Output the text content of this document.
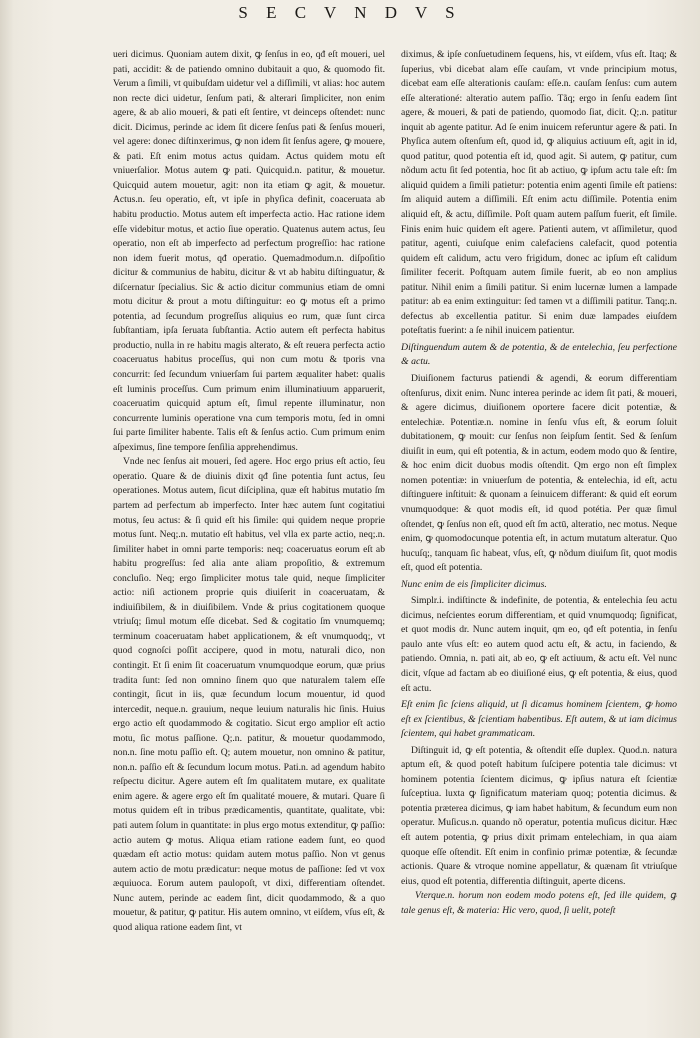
S E C V N D V S

ueri dicimus. Quoniam autem dixit, ꝙ ſenſus in eo, qđ eſt moueri, uel pati, accidit: & de patiendo omnino dubitauit a quo, & quomodo fit. Verum a ſimili, vt quibuſdam uidetur vel a diſſimili, vt alias: hoc autem non recte dici uidetur, ſenſum pati, & alterari ſimpliciter, non enim agere, & ab alio moueri, & pati eſt ſentire, vt deinceps oſtendet: nunc dicit. Dicimus, perinde ac idem ſit dicere ſenſus pati & ſenſus moueri, vel agere: donec diſtinxerimus, ꝙ non idem ſit ſenſus agere, ꝙ mouere, & pati. Eſt enim motus actus quidam. Actus quidem motu eſt vniuerſalior. Motus autem ꝙ pati. Quicquid.n. patitur, & mouetur. Quicquid autem mouetur, agit: non ita etiam ꝙ agit, & mouetur. Actus.n. ſeu operatio, eſt, vt ipſe in phyſica definit, coaceruata ab habitu productio. Motus autem eſt imperfecta actio. Hac ratione idem eſſe videbitur motus, et actio ſiue operatio. Quatenus autem actus, ſeu operatio, non eſt ab imperfecto ad perfectum progreſſio: hac ratione non idem fuerit motus, qđ operatio. Quemadmodum.n. diſpoſitio dicitur & communius de habitu, dicitur & vt ab habitu diſtinguatur, & diſcernatur ſpecialius. Sic & actio dicitur communius etiam de omni motu dicitur & prout a motu diſtinguitur: eo ꝙ motus eſt a primo potentia, ad ſecundum progreſſus aliquius eo rum, quæ ſunt circa ſubſtantiam, ipſa ſeruata ſubſtantia. Actio autem eſt perfecta habitus productio, nulla in re habitu magis alterato, & eſt reuera perfecta actio coaceruatus habitus proceſſus, qui non cum motu & tporis vna concurrit: ſed ſecundum vniuerſam ſui partem æqualiter habet: qualis eſt luminis proceſſus. Cum primum enim illuminatiuum apparuerit, coaceruatim quicquid aptum eſt, ſimul repente illuminatur, non concurrente luminis operatione vna cum temporis motu, ſed in omni ſui parte ſimiliter habente. Talis eſt & ſenſus actio. Cum primum enim aſpeximus, ſine tempore ſenſilia apprehendimus.

Vnde nec ſenſus ait moueri, ſed agere. Hoc ergo prius eſt actio, ſeu operatio. Quare & de diuinis dixit qđ ſine potentia ſunt actus, ſeu operationes. Motus autem, ſicut diſciplina, quæ eſt habitus mutatio ſm partem ad perfectum ab imperfecto. Inter hæc autem ſunt cogitatiui motus, ſeu actus: & ſi quid eſt his ſimile: qui quidem neque proprie motus ſunt. Neq;.n. mutatio eſt habitus, vel vlla ex parte actio, neq;.n. ſimiliter habet in omni parte temporis: neq; coaceruatus eorum eſt ab habitu progreſſus: ſed alia ante aliam propoſitio, & extremum concluſio. Neq; ergo ſimpliciter motus tale quid, neque ſimpliciter actio: niſi actionem proprie quis diuiſerit in coaceruatam, & indiuiſibilem, & in diuiſibilem. Vnde & prius cogitationem quoque vtriuſq; ſimul motum eſſe dicebat. Sed & cogitatio ſm vnumquemq; terminum coaceruatam habet applicationem, & eſt vnumquodq;, vt quod cognoſci poſſit accipere, quod in motu, naturali dico, non contingit. Et ſi enim ſit coaceruatum vnumquodque eorum, quæ prius tradita ſunt: ſed non omnino ſinem quo que naturalem talem eſſe contingit, ſicut in iis, quæ ſecundum locum mouentur, id quod intercedit, neque.n. grauium, neque leuium naturalis hic ſinis. Huius ergo actio eſt quodammodo & cogitatio. Sicut ergo amplior eſt actio motu, ſic motus paſſione. Q;.n. patitur, & mouetur quodammodo, non.n. ſine motu paſſio eſt. Q; autem mouetur, non omnino & patitur, non.n. paſſio eſt & ſecundum locum motus. Pati.n. ad agendum habito reſpectu dicitur. Agere autem eſt ſm qualitatem mutare, ex qualitate enim agere. & agere ergo eſt ſm qualitaté mouere, & mutari. Quare ſi motus quidem eſt in tribus prædicamentis, quantitate, qualitate, vbi: pati autem ſolum in quantitate: in plus ergo motus extenditur, ꝙ paſſio: actio autem ꝙ motus. Aliqua etiam ratione eadem ſunt, eo quod quædam eſt actio motus: quidam autem motus paſſio. Non vt genus autem actio de motu prædicatur: neque motus de paſſione: ſed vt vox æquiuoca. Eorum autem paulopoſt, vt dixi, differentiam oſtendet. Nunc autem, perinde ac eadem ſint, dicit quodammodo, & a quo mouetur, & patitur, ꝙ patitur. His autem omnino, vt eiſdem, vſus eſt, & quod aliqua ratione eadem ſint, vt

diximus, & ipſe conſuetudinem ſequens, his, vt eiſdem, vſus eſt. Itaq; & ſuperius, vbi dicebat alam eſſe cauſam, vt vnde principium motus, dicebat eam eſſe alterationis cauſam: eſſe.n. cauſam ſenſus: cum autem eſſe alterationé: alteratio autem paſſio. Tãq; ergo in ſenſu eadem ſint agere, & moueri, & pati de patiendo, quomodo ſiat, dicit. Q;.n. patitur inquit ab agente patitur. Ad ſe enim inuicem referuntur agere & pati. In Phyſica autem oſtenſum eſt, quod id, ꝙ aliquius actiuum eſt, agit in id, quod patitur, quod potentia eſt id, quod agit. Si autem, ꝙ patitur, cum nõdum actu ſit ſed potentia, hoc ſit ab actiuo, ꝙ ipſum actu tale eſt: ſm aliquid quidem a ſimili patietur: potentia enim agenti ſimile eſt patiens: ſm aliquid autem a diſſimili. Eſt enim actu diſſimile. Potentia enim aliquid eſt, & actu, diſſimile. Poſt quam autem paſſum fuerit, eſt ſimile. Finis enim huic quidem eſt agere. Patienti autem, vt aſſimiletur, quod patitur, agenti, cuiuſque enim calefaciens calefacit, quod potentia quidem eſt calidum, actu vero frigidum, donec ac ipſum eſt calidum ſimiliter fecerit. Poſtquam autem ſimile fuerit, ab eo non amplius patitur. Nihil enim a ſimili patitur. Si enim lucernæ lumen a lampade patitur: ab ea enim extinguitur: ſed tamen vt a diſſimili patitur. Tanq;.n. defectus ab excellentia patitur. Si enim duæ lampades eiuſdem poteſtatis fuerint: a ſe nihil inuicem patientur.

Diſtinguendum autem & de potentia, & de entelechia, ſeu perfectione & actu.

Diuiſionem facturus patiendi & agendi, & eorum differentiam oſtenſurus, dixit enim. Nunc interea perinde ac idem ſit pati, & moueri, & agere dicimus, diuiſionem oportere facere dicit potentiæ, & entelechiæ. Potentiæ.n. nomine in ſenſu vſus eſt, & eorum ſoluit dubitationem, ꝙ mouit: cur ſenſus non ſeipſum ſentit. Sed & ſenſum diuiſit in eum, qui eſt potentia, & in actum, eodem modo quo & ſentire, & hoc enim dicit duobus modis oſtendit. Qm ergo non eſt ſimplex nomen potentiæ: in vniuerſum de potentia, & entelechia, id eſt, actu diſtinguere inſtituit: & quonam a ſeinuicem differant: & quid eſt eorum vnumquodque: & quot modis eſt, id quod potétia. Per quæ ſimul oſtendet, ꝙ ſenſus non eſt, quod eſt ſm actū, alteratio, nec motus. Neque enim, ꝙ quomodocunque potentia eſt, in actum mutatum alteratur. Quo hucuſq;, tanquam ſic habeat, vſus, eſt, ꝙ nõdum diuiſum ſit, quot modis eſt, quod eſt potentia.

Nunc enim de eis ſimpliciter dicimus.

Simplr.i. indiſtincte & indefinite, de potentia, & entelechia ſeu actu dicimus, neſcientes eorum differentiam, et quid vnumquodq; ſignificat, et quot modis dr. Nunc autem inquit, qm eo, qđ eſt potentia, in ſenſu paulo ante vſus eſt: eo autem quod actu eſt, & actu, in faciendo, & patiendo. Omnia, n. pati ait, ab eo, ꝙ eſt actiuum, & actu eſt. Vel nunc dicit, vſque ad factam ab eo diuiſioné eius, ꝙ eſt potentia, & eius, quod eſt actu.

Eſt enim ſic ſciens aliquid, ut ſi dicamus hominem ſcientem, ꝙ homo eſt ex ſcientibus, & ſcientiam habentibus. Eſt autem, & ut iam dicimus ſcientem, qui habet grammaticam.

Diſtinguit id, ꝙ eſt potentia, & oſtendit eſſe duplex. Quod.n. natura aptum eſt, & quod poteſt habitum ſuſcipere potentia tale dicimus: vt hominem potentia ſcientem dicimus, ꝙ ipſius natura eſt ſcientiæ ſuſceptiua. luxta ꝙ ſignificatum materiam quoq; potentia dicimus. & potentia præterea dicimus, ꝙ iam habet habitum, & ſecundum eum non operatur. Muſicus.n. quando nõ operatur, potentia muſicus dicitur. Hæc eſt autem potentia, ꝙ prius dixit primam entelechiam, in qua aiam quoque eſſe oſtendit. Eſt enim in confinio primæ potentiæ, & ſecundæ actionis. Quare & vtroque nomine appellatur, & quænam ſit vtriuſque eius, quod eſt potentia, differentia diſtinguit, aperte dicens.

Vterque.n. horum non eodem modo potens eſt, ſed ille quidem, ꝙ tale genus eſt, & materia: Hic vero, quod, ſi uelit, poteſt
